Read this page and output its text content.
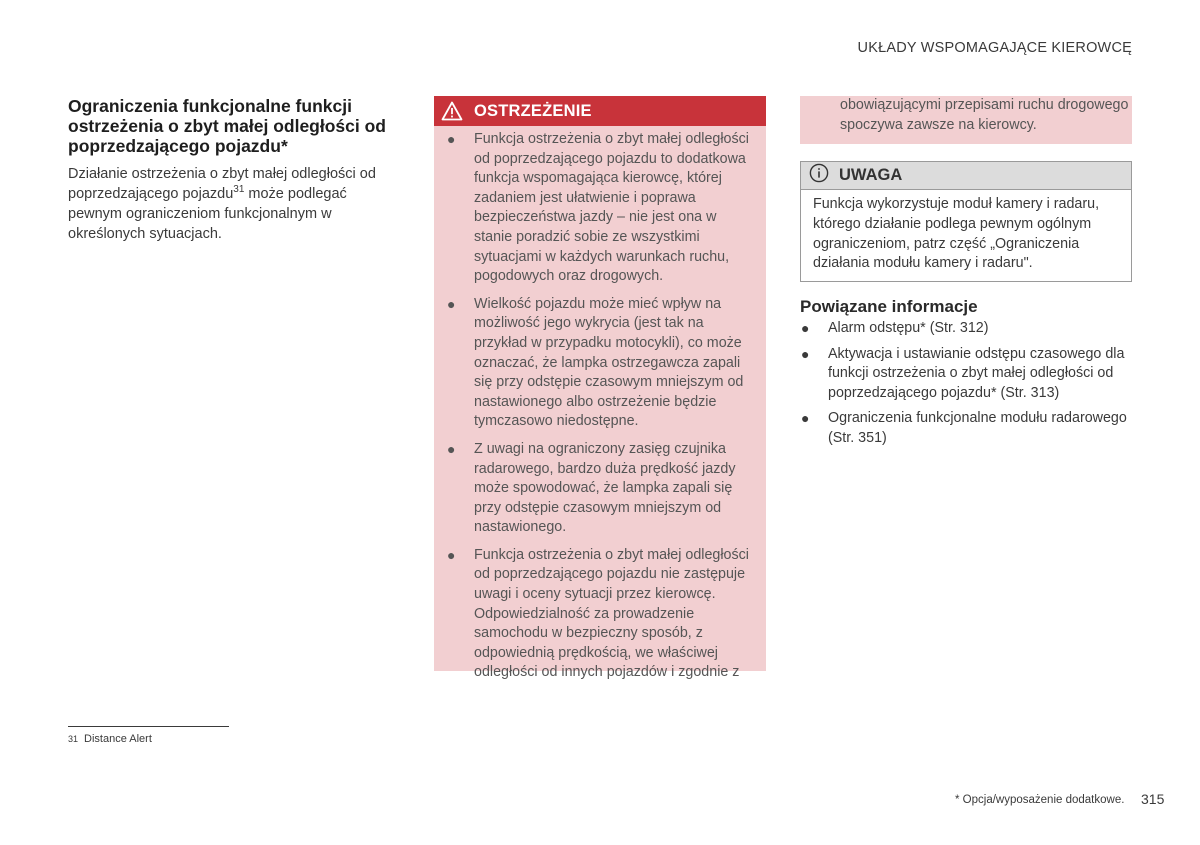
UKŁADY WSPOMAGAJĄCE KIEROWCĘ
Ograniczenia funkcjonalne funkcji ostrzeżenia o zbyt małej odległości od poprzedzającego pojazdu*

Działanie ostrzeżenia o zbyt małej odległości od poprzedzającego pojazdu$^{31}$ może podlegać pewnym ograniczeniom funkcjonalnym w określonych sytuacjach.

OSTRZEŻENIE
● Funkcja ostrzeżenia o zbyt małej odległości od poprzedzającego pojazdu to dodatkowa funkcja wspomagająca kierowcę, której zadaniem jest ułatwienie i poprawa bezpieczeństwa jazdy – nie jest ona w stanie poradzić sobie ze wszystkimi sytuacjami w każdych warunkach ruchu, pogodowych oraz drogowych.
● Wielkość pojazdu może mieć wpływ na możliwość jego wykrycia (jest tak na przykład w przypadku motocykli), co może oznaczać, że lampka ostrzegawcza zapali się przy odstępie czasowym mniejszym od nastawionego albo ostrzeżenie będzie tymczasowo niedostępne.
● Z uwagi na ograniczony zasięg czujnika radarowego, bardzo duża prędkość jazdy może spowodować, że lampka zapali się przy odstępie czasowym mniejszym od nastawionego.
● Funkcja ostrzeżenia o zbyt małej odległości od poprzedzającego pojazdu nie zastępuje uwagi i oceny sytuacji przez kierowcę. Odpowiedzialność za prowadzenie samochodu w bezpieczny sposób, z odpowiednią prędkością, we właściwej odległości od innych pojazdów i zgodnie z

obowiązującymi przepisami ruchu drogowego spoczywa zawsze na kierowcy.

UWAGA

Funkcja wykorzystuje moduł kamery i radaru, którego działanie podlega pewnym ogólnym ograniczeniom, patrz część „Ograniczenia działania modułu kamery i radaru".

Powiązane informacje
● Alarm odstępu* (Str. 312)
● Aktywacja i ustawianie odstępu czasowego dla funkcji ostrzeżenia o zbyt małej odległości od poprzedzającego pojazdu* (Str. 313)
● Ograniczenia funkcjonalne modułu radarowego (Str. 351)
31 Distance Alert
* Opcja/wyposażenie dodatkowe. 315
